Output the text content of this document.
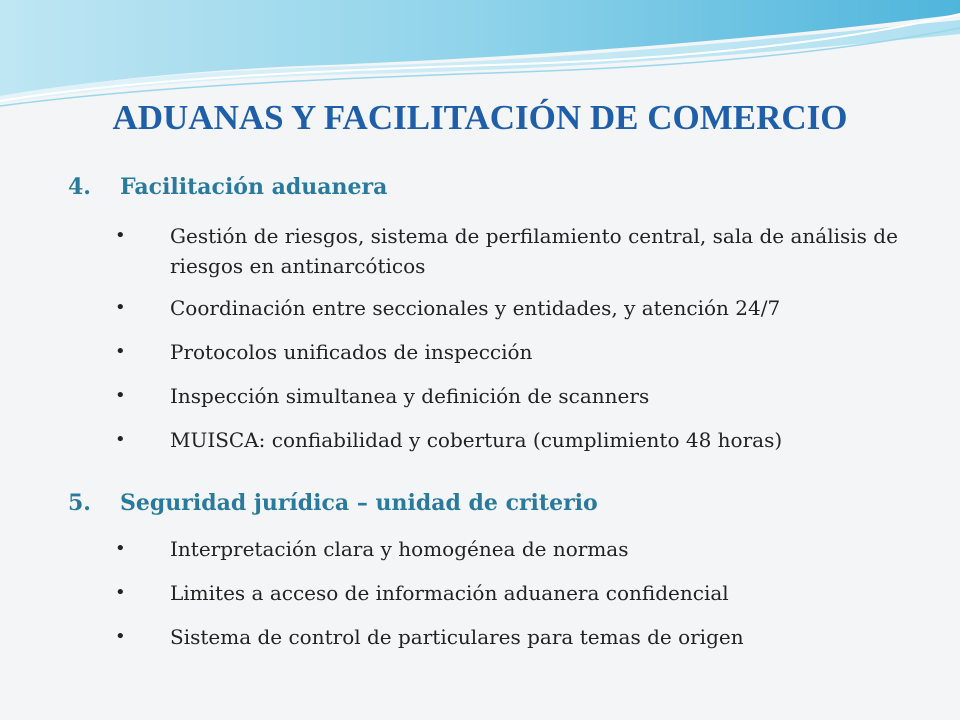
ADUANAS Y FACILITACIÓN DE COMERCIO
4. Facilitación aduanera
• Gestión de riesgos, sistema de perfilamiento central, sala de análisis de riesgos en antinarcóticos
• Coordinación entre seccionales y entidades, y atención 24/7
• Protocolos unificados de inspección
• Inspección simultanea y definición de scanners
• MUISCA: confiabilidad y cobertura (cumplimiento 48 horas)
5. Seguridad jurídica – unidad de criterio
• Interpretación clara y homogénea de normas
• Limites a acceso de información aduanera confidencial
• Sistema de control de particulares para temas de origen
